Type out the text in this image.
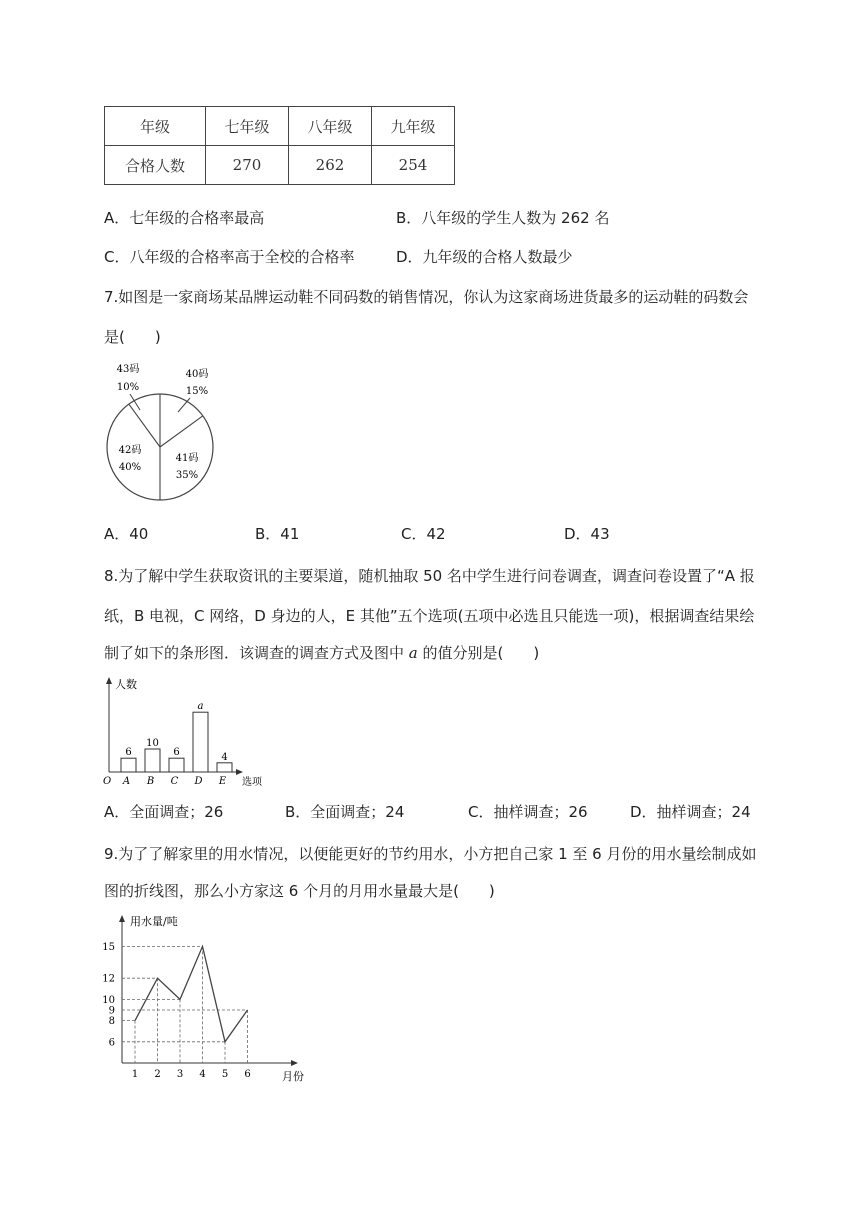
年级	七年级	八年级	九年级
合格人数	270	262	254
A．七年级的合格率最高	B．八年级的学生人数为 262 名
C．八年级的合格率高于全校的合格率	D．九年级的合格人数最少
7.如图是一家商场某品牌运动鞋不同码数的销售情况，你认为这家商场进货最多的运动鞋的码数会
是(　　)
43码
10%
40码
15%
42码
40%
41码
35%
A．40	B．41	C．42	D．43
8.为了解中学生获取资讯的主要渠道，随机抽取 50 名中学生进行问卷调查，调查问卷设置了“A 报
纸，B 电视，C 网络，D 身边的人，E 其他”五个选项(五项中必选且只能选一项)，根据调查结果绘
制了如下的条形图．该调查的调查方式及图中 a 的值分别是(　　)
人数
选项
O
6
A
10
B
6
C
a
D
4
E
A．全面调查；26	B．全面调查；24	C．抽样调查；26	D．抽样调查；24
9.为了了解家里的用水情况，以便能更好的节约用水，小方把自己家 1 至 6 月份的用水量绘制成如
图的折线图，那么小方家这 6 个月的月用水量最大是(　　)
用水量/吨
月份
6
8
9
10
12
15
1 2 3 4 5 6
